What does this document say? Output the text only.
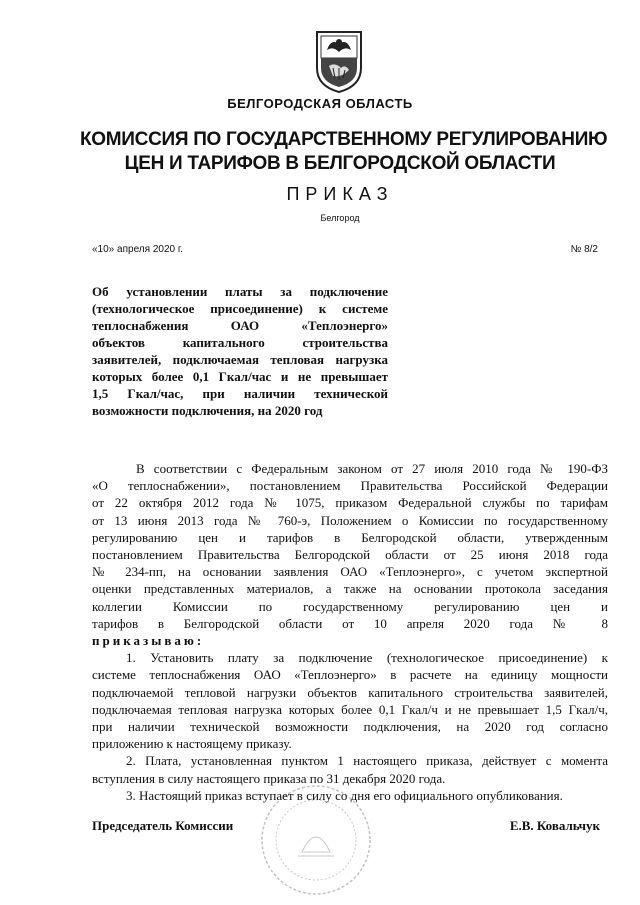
БЕЛГОРОДСКАЯ ОБЛАСТЬ
КОМИССИЯ ПО ГОСУДАРСТВЕННОМУ РЕГУЛИРОВАНИЮ
ЦЕН И ТАРИФОВ В БЕЛГОРОДСКОЙ ОБЛАСТИ
ПРИКАЗ
Белгород
«10» апреля 2020 г.	№ 8/2
Об установлении платы за подключение
(технологическое присоединение) к системе
теплоснабжения ОАО «Теплоэнерго»
объектов капитального строительства
заявителей, подключаемая тепловая нагрузка
которых более 0,1 Гкал/час и не превышает
1,5 Гкал/час, при наличии технической
возможности подключения, на 2020 год
В соответствии с Федеральным законом от 27 июля 2010 года № 190-ФЗ
«О теплоснабжении», постановлением Правительства Российской Федерации
от 22 октября 2012 года № 1075, приказом Федеральной службы по тарифам
от 13 июня 2013 года № 760-э, Положением о Комиссии по государственному
регулированию цен и тарифов в Белгородской области, утвержденным
постановлением Правительства Белгородской области от 25 июня 2018 года
№ 234-пп, на основании заявления ОАО «Теплоэнерго», с учетом экспертной
оценки представленных материалов, а также на основании протокола заседания
коллегии Комиссии по государственному регулированию цен и
тарифов в Белгородской области от 10 апреля 2020 года № 8
приказываю:
1. Установить плату за подключение (технологическое присоединение) к
системе теплоснабжения ОАО «Теплоэнерго» в расчете на единицу мощности
подключаемой тепловой нагрузки объектов капитального строительства заявителей,
подключаемая тепловая нагрузка которых более 0,1 Гкал/ч и не превышает 1,5 Гкал/ч,
при наличии технической возможности подключения, на 2020 год согласно
приложению к настоящему приказу.
2. Плата, установленная пунктом 1 настоящего приказа, действует с момента
вступления в силу настоящего приказа по 31 декабря 2020 года.
3. Настоящий приказ вступает в силу со дня его официального опубликования.
Председатель Комиссии	Е.В. Ковальчук
